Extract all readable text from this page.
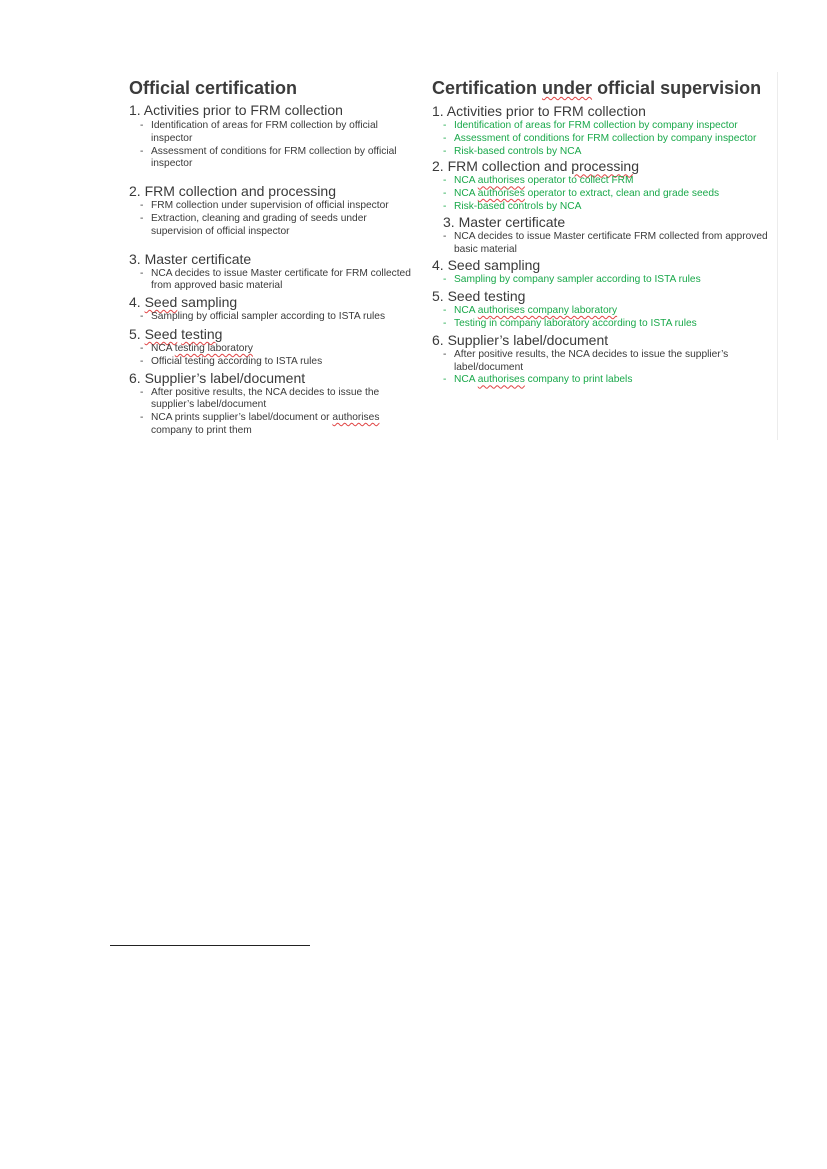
Official certification
1. Activities prior to FRM collection
- Identification of areas for FRM collection by official inspector
- Assessment of conditions for FRM collection by official inspector
2. FRM collection and processing
- FRM collection under supervision of official inspector
- Extraction, cleaning and grading of seeds under supervision of official inspector
3. Master certificate
- NCA decides to issue Master certificate for FRM collected from approved basic material
4. Seed sampling
- Sampling by official sampler according to ISTA rules
5. Seed testing
- NCA testing laboratory
- Official testing according to ISTA rules
6. Supplier’s label/document
- After positive results, the NCA decides to issue the supplier’s label/document
- NCA prints supplier’s label/document or authorises company to print them
Certification under official supervision
1. Activities prior to FRM collection
- Identification of areas for FRM collection by company inspector
- Assessment of conditions for FRM collection by company inspector
- Risk-based controls by NCA
2. FRM collection and processing
- NCA authorises operator to collect FRM
- NCA authorises operator to extract, clean and grade seeds
- Risk-based controls by NCA
3. Master certificate
- NCA decides to issue Master certificate FRM collected from approved basic material
4. Seed sampling
- Sampling by company sampler according to ISTA rules
5. Seed testing
- NCA authorises company laboratory
- Testing in company laboratory according to ISTA rules
6. Supplier’s label/document
- After positive results, the NCA decides to issue the supplier’s label/document
- NCA authorises company to print labels
